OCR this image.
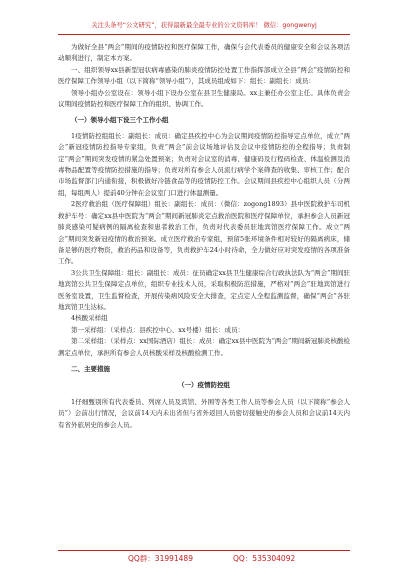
关注头条号“公文研究”，获得最新最全最专业的公文资料库！ 微信：gongwenyj

为做好全县“两会”期间的疫情防控和医疗保障工作，确保与会代表委员的健康安全和会议各项活动顺利进行，制定本方案。

一、组织领导xx县新型冠状病毒感染的肺炎疫情防控处置工作指挥部成立全县“两会”疫情防控和医疗保障工作领导小组（以下简称“领导小组”），其成员组成如下：组长：副组长：成员：

领导小组办公室设在：领导小组下设办公室在县卫生健康局。xx主兼任办公室主任。具体负责会议期间疫情防控和医疗保障工作的组织、协调工作。

（一）领导小组下设三个工作小组

1疫情防控组组长：副组长：成员：确定县疾控中心为会议期间疫情防控指导定点单位，成立“两会”新冠疫情防控指导专家组，负责“两会”前会议场地评估及会议中疫情防控的全程指导；负责制定“两会”期间突发疫情的紧急处置预案；负责对会议室的消毒、健康码及行程码检查、体温检测及消毒物品配置等疫情防控措施的指导；负责对所有参会人员流行病学个案筛查的收集、审核工作；配合市场监督部门内通衔接，积极做好冷链食品等的疫情防控工作。会议期间县疾控中心组织人员（分两组，每组两人）提前40分钟在会议室门口进行体温测量。

2医疗救治组（医疗保障组）组长：副组长：成员：（微信：zogong1893）县中医院救护车司机救护车号：确定xx县中医院为“两会”期间新冠肺炎定点救治医院和医疗保障单位，承担参会人员新冠肺炎感染可疑病例的隔离检查和患者救治工作，负责对代表委员驻地宾馆医疗保障工作。成立“两会”期间突发新冠疫情的救治预案。成立医疗救治专家组，预留5张环境条件相对较好的隔离病床，储备足够的医疗物资，救治药品和设备等，负责救护车24小时待命，全力做好应对突发疫情的各项准备工作。

3公共卫生保障组：组长：副组长：成员：征员确定xx县卫生健康综合行政执法队为“两会”期间驻地宾馆公共卫生保障定点单位，组织专业技术人员，采取积极防范措施，严格对“两会”驻地宾馆进行医务室设置，卫生监督检查，开展传染病风险安全大排查，定点定人全程监测监督，确保“两会”各驻地宾馆卫生达标。

4核酸采样组

第一采样组：（采样点：县疾控中心、xx号楼）组长：成员：

第二采样组：（采样点：xx国际酒店）组长：成员：确定xx县中医院为“两会”期间新冠肺炎核酸检测定点单位，承担所有参会人员核酸采样及核酸检测工作。

二、主要措施

（一）疫情防控组

1仔细甄别所有代表委员、列席人员及宾馆、外围等各类工作人员等参会人员（以下简称“参会人员”）会前出行情况，会议前14天内未出省但与省外返回人员密切接触史的参会人员和会议前14天内有省外旅居史的参会人员。

QQ群：31991489	QQ：535304092
